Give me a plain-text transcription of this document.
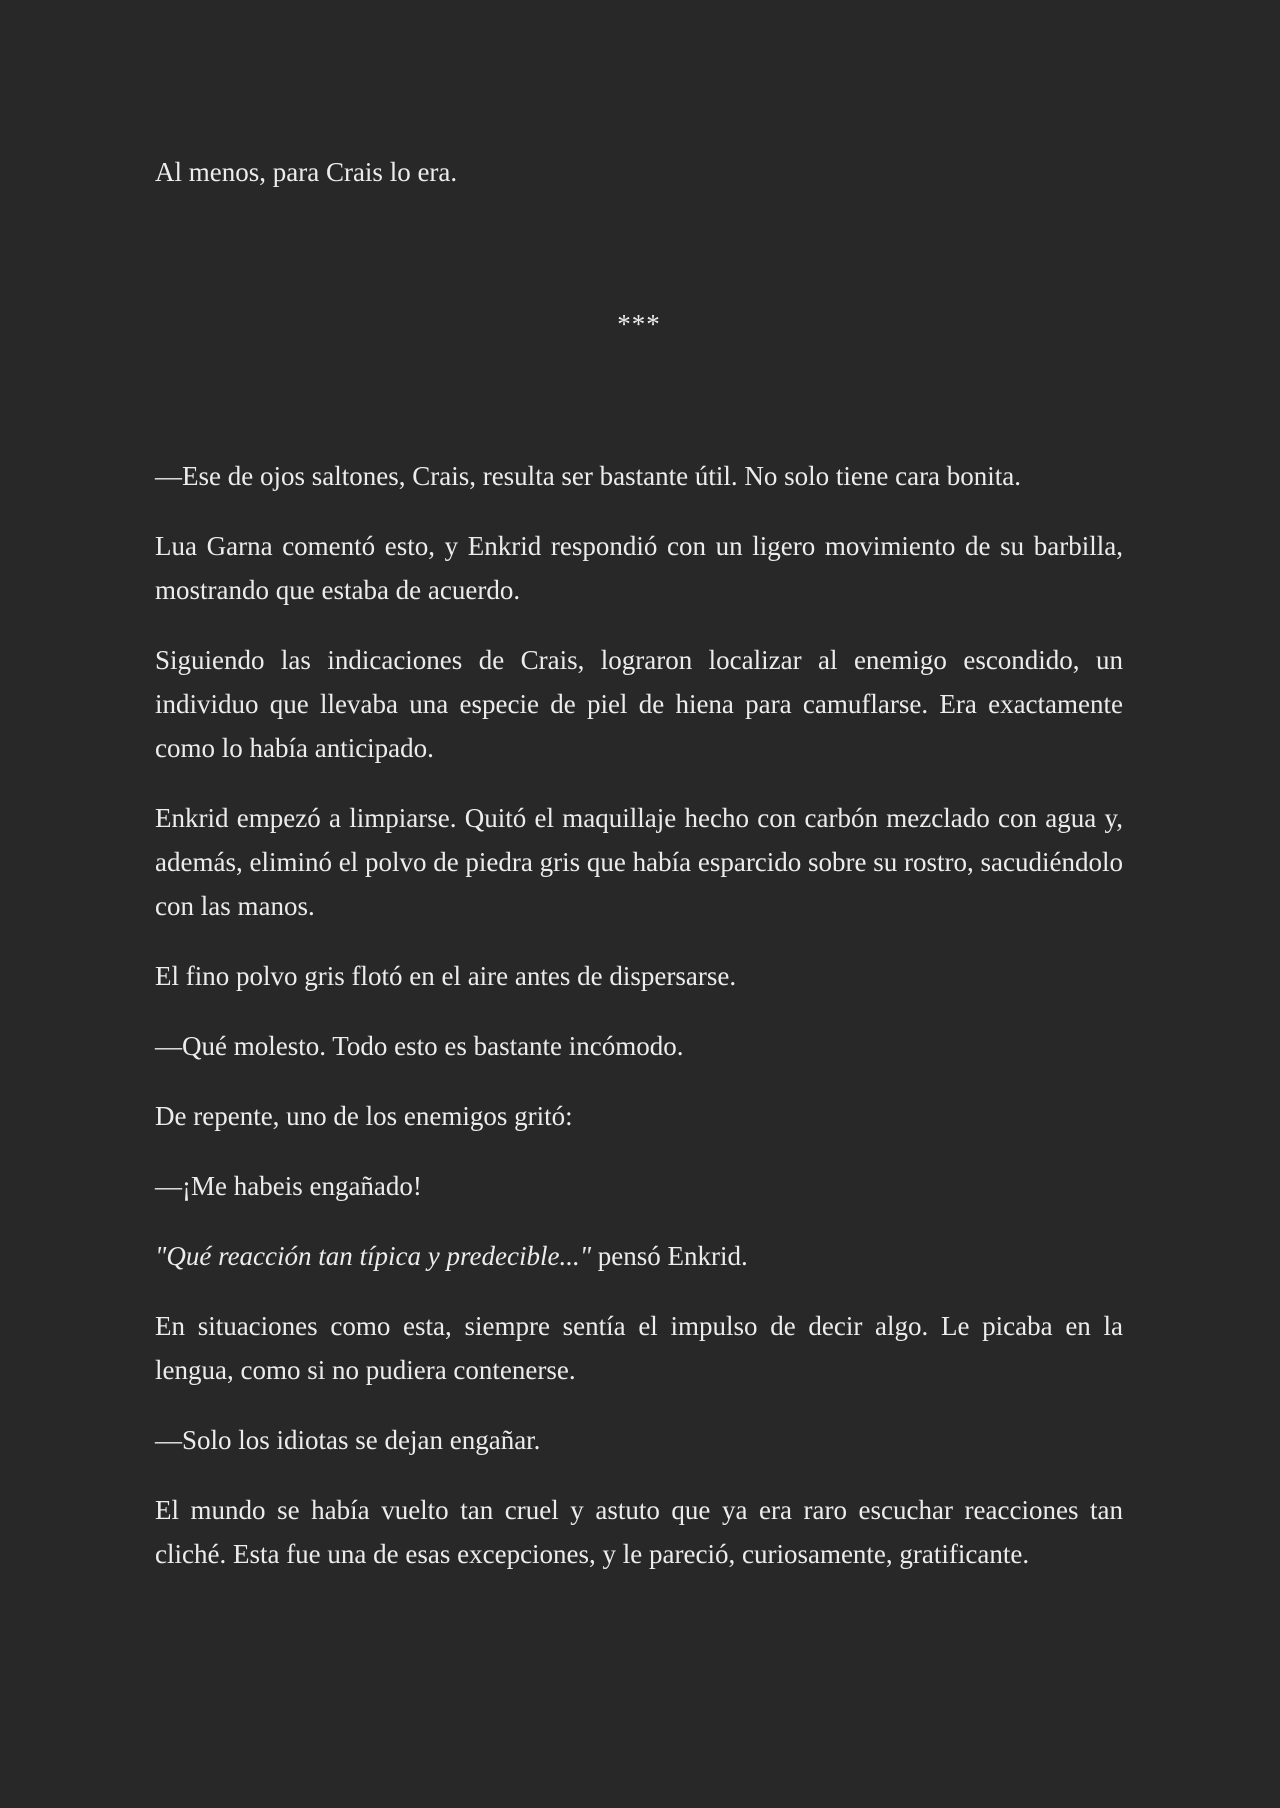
Al menos, para Crais lo era.

***

—Ese de ojos saltones, Crais, resulta ser bastante útil. No solo tiene cara bonita.

Lua Garna comentó esto, y Enkrid respondió con un ligero movimiento de su barbilla, mostrando que estaba de acuerdo.

Siguiendo las indicaciones de Crais, lograron localizar al enemigo escondido, un individuo que llevaba una especie de piel de hiena para camuflarse. Era exactamente como lo había anticipado.

Enkrid empezó a limpiarse. Quitó el maquillaje hecho con carbón mezclado con agua y, además, eliminó el polvo de piedra gris que había esparcido sobre su rostro, sacudiéndolo con las manos.

El fino polvo gris flotó en el aire antes de dispersarse.

—Qué molesto. Todo esto es bastante incómodo.

De repente, uno de los enemigos gritó:

—¡Me habeis engañado!

"Qué reacción tan típica y predecible..." pensó Enkrid.

En situaciones como esta, siempre sentía el impulso de decir algo. Le picaba en la lengua, como si no pudiera contenerse.

—Solo los idiotas se dejan engañar.

El mundo se había vuelto tan cruel y astuto que ya era raro escuchar reacciones tan cliché. Esta fue una de esas excepciones, y le pareció, curiosamente, gratificante.
